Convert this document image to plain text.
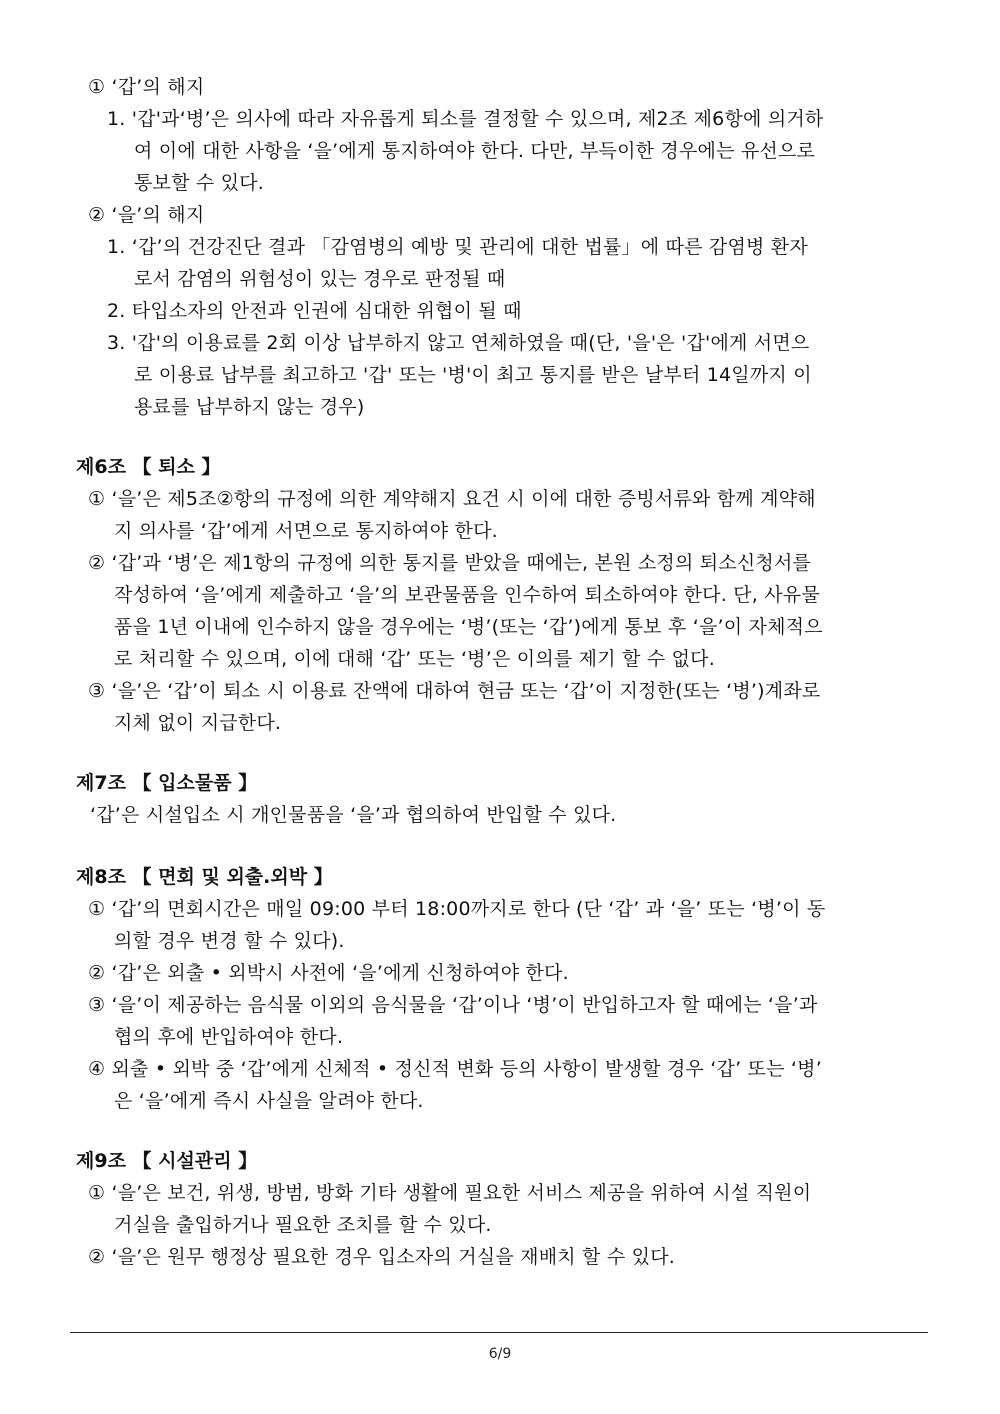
① ‘갑’의 해지
1. '갑'과‘병’은 의사에 따라 자유롭게 퇴소를 결정할 수 있으며, 제2조 제6항에 의거하
여 이에 대한 사항을 ‘을’에게 통지하여야 한다. 다만, 부득이한 경우에는 유선으로
통보할 수 있다.
② ‘을’의 해지
1. ‘갑’의 건강진단 결과 「감염병의 예방 및 관리에 대한 법률」에 따른 감염병 환자
로서 감염의 위험성이 있는 경우로 판정될 때
2. 타입소자의 안전과 인권에 심대한 위협이 될 때
3. '갑'의 이용료를 2회 이상 납부하지 않고 연체하였을 때(단, '을'은 '갑'에게 서면으
로 이용료 납부를 최고하고 '갑' 또는 '병'이 최고 통지를 받은 날부터 14일까지 이
용료를 납부하지 않는 경우)
제6조 【 퇴소 】
① ‘을’은 제5조②항의 규정에 의한 계약해지 요건 시 이에 대한 증빙서류와 함께 계약해
지 의사를 ‘갑’에게 서면으로 통지하여야 한다.
② ‘갑’과 ‘병’은 제1항의 규정에 의한 통지를 받았을 때에는, 본원 소정의 퇴소신청서를
작성하여 ‘을’에게 제출하고 ‘을’의 보관물품을 인수하여 퇴소하여야 한다. 단, 사유물
품을 1년 이내에 인수하지 않을 경우에는 ‘병’(또는 ‘갑’)에게 통보 후 ‘을’이 자체적으
로 처리할 수 있으며, 이에 대해 ‘갑’ 또는 ‘병’은 이의를 제기 할 수 없다.
③ ‘을’은 ‘갑’이 퇴소 시 이용료 잔액에 대하여 현금 또는 ‘갑’이 지정한(또는 ‘병’)계좌로
지체 없이 지급한다.
제7조 【 입소물품 】
‘갑’은 시설입소 시 개인물품을 ‘을’과 협의하여 반입할 수 있다.
제8조 【 면회 및 외출.외박 】
① ‘갑’의 면회시간은 매일 09:00 부터 18:00까지로 한다 (단 ‘갑’ 과 ‘을’ 또는 ‘병’이 동
의할 경우 변경 할 수 있다).
② ‘갑’은 외출 • 외박시 사전에 ‘을’에게 신청하여야 한다.
③ ‘을’이 제공하는 음식물 이외의 음식물을 ‘갑’이나 ‘병’이 반입하고자 할 때에는 ‘을’과
협의 후에 반입하여야 한다.
④ 외출 • 외박 중 ‘갑’에게 신체적 • 정신적 변화 등의 사항이 발생할 경우 ‘갑’ 또는 ‘병’
은 ‘을’에게 즉시 사실을 알려야 한다.
제9조 【 시설관리 】
① ‘을’은 보건, 위생, 방범, 방화 기타 생활에 필요한 서비스 제공을 위하여 시설 직원이
거실을 출입하거나 필요한 조치를 할 수 있다.
② ‘을’은 원무 행정상 필요한 경우 입소자의 거실을 재배치 할 수 있다.
6/9
